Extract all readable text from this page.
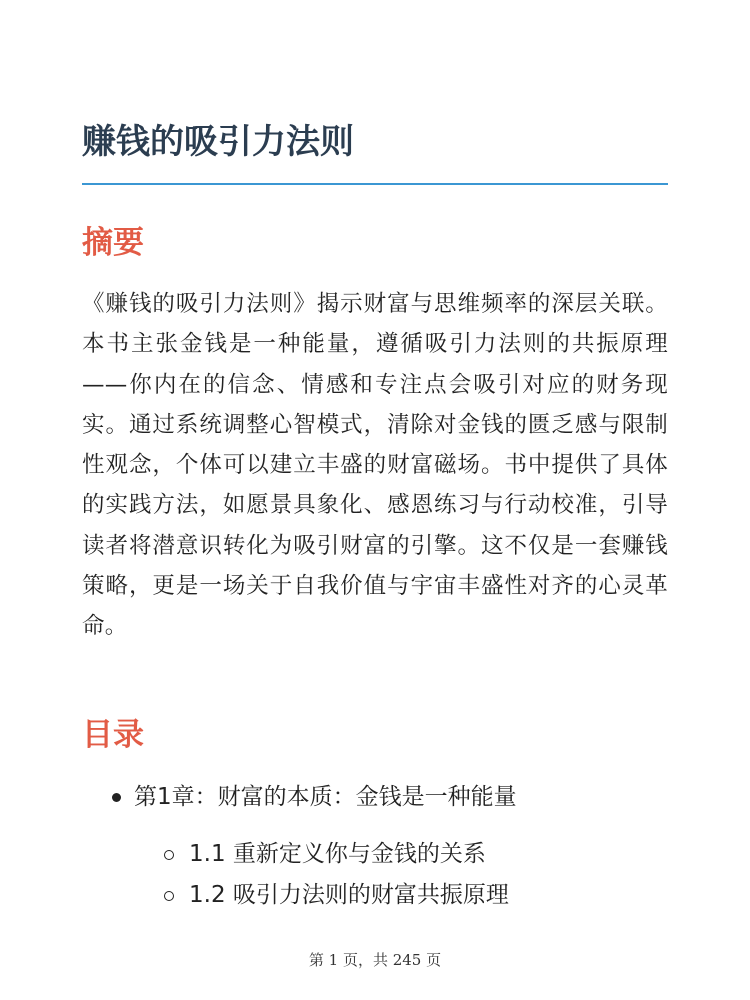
赚钱的吸引力法则
摘要

《赚钱的吸引力法则》揭示财富与思维频率的深层关联。本书主张金钱是一种能量，遵循吸引力法则的共振原理——你内在的信念、情感和专注点会吸引对应的财务现实。通过系统调整心智模式，清除对金钱的匮乏感与限制性观念，个体可以建立丰盛的财富磁场。书中提供了具体的实践方法，如愿景具象化、感恩练习与行动校准，引导读者将潜意识转化为吸引财富的引擎。这不仅是一套赚钱策略，更是一场关于自我价值与宇宙丰盛性对齐的心灵革命。

目录
第1章：财富的本质：金钱是一种能量
1.1 重新定义你与金钱的关系
1.2 吸引力法则的财富共振原理
第 1 页，共 245 页
